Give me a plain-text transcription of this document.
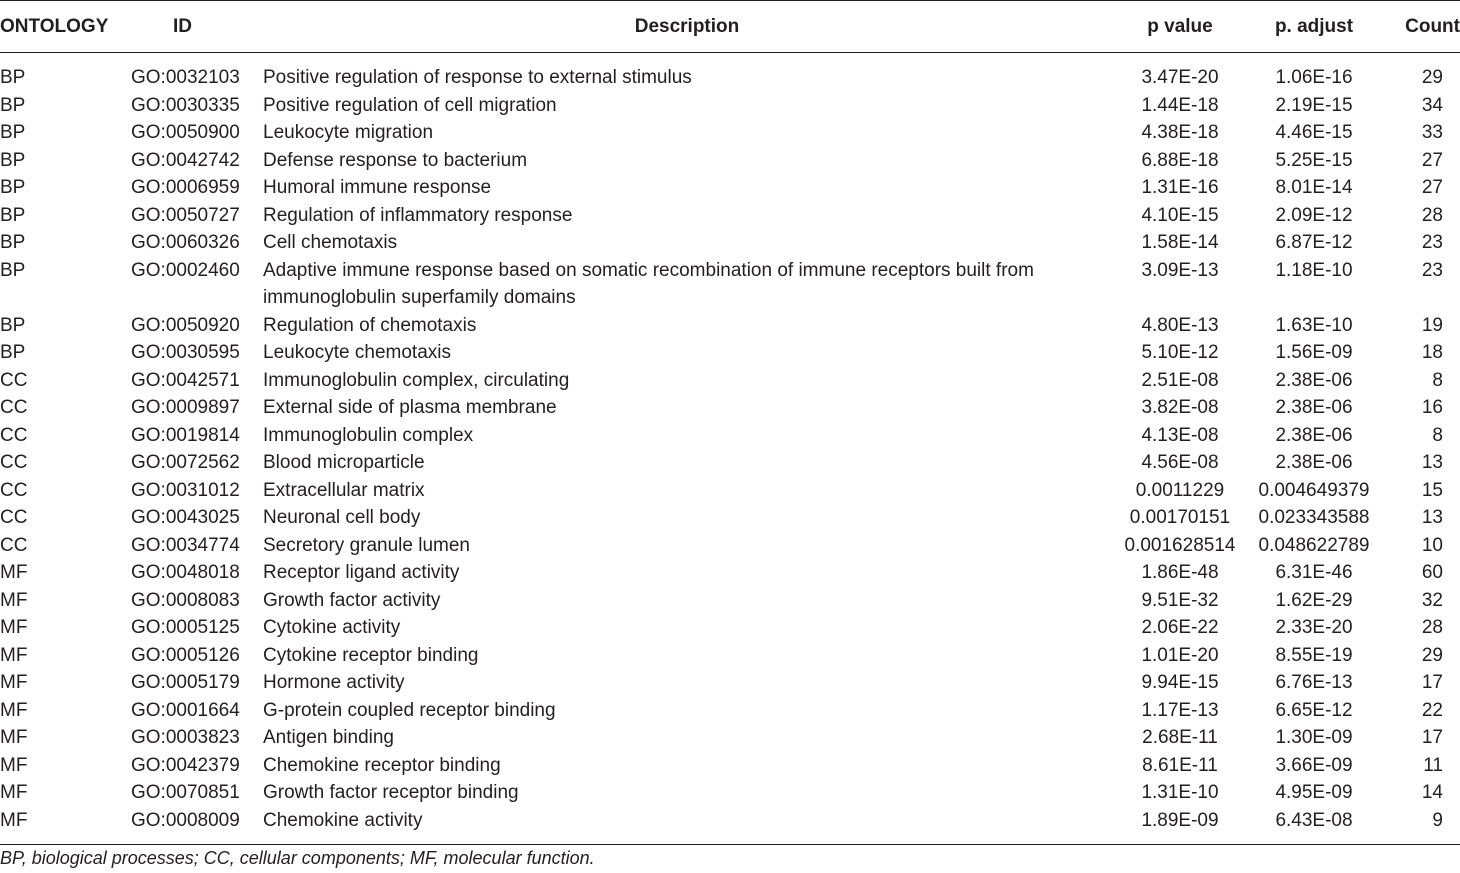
ONTOLOGY	ID	Description	p value	p. adjust	Count
BP	GO:0032103	Positive regulation of response to external stimulus	3.47E-20	1.06E-16	29
BP	GO:0030335	Positive regulation of cell migration	1.44E-18	2.19E-15	34
BP	GO:0050900	Leukocyte migration	4.38E-18	4.46E-15	33
BP	GO:0042742	Defense response to bacterium	6.88E-18	5.25E-15	27
BP	GO:0006959	Humoral immune response	1.31E-16	8.01E-14	27
BP	GO:0050727	Regulation of inflammatory response	4.10E-15	2.09E-12	28
BP	GO:0060326	Cell chemotaxis	1.58E-14	6.87E-12	23
BP	GO:0002460	Adaptive immune response based on somatic recombination of immune receptors built from
immunoglobulin superfamily domains	3.09E-13	1.18E-10	23
BP	GO:0050920	Regulation of chemotaxis	4.80E-13	1.63E-10	19
BP	GO:0030595	Leukocyte chemotaxis	5.10E-12	1.56E-09	18
CC	GO:0042571	Immunoglobulin complex, circulating	2.51E-08	2.38E-06	8
CC	GO:0009897	External side of plasma membrane	3.82E-08	2.38E-06	16
CC	GO:0019814	Immunoglobulin complex	4.13E-08	2.38E-06	8
CC	GO:0072562	Blood microparticle	4.56E-08	2.38E-06	13
CC	GO:0031012	Extracellular matrix	0.0011229	0.004649379	15
CC	GO:0043025	Neuronal cell body	0.00170151	0.023343588	13
CC	GO:0034774	Secretory granule lumen	0.001628514	0.048622789	10
MF	GO:0048018	Receptor ligand activity	1.86E-48	6.31E-46	60
MF	GO:0008083	Growth factor activity	9.51E-32	1.62E-29	32
MF	GO:0005125	Cytokine activity	2.06E-22	2.33E-20	28
MF	GO:0005126	Cytokine receptor binding	1.01E-20	8.55E-19	29
MF	GO:0005179	Hormone activity	9.94E-15	6.76E-13	17
MF	GO:0001664	G-protein coupled receptor binding	1.17E-13	6.65E-12	22
MF	GO:0003823	Antigen binding	2.68E-11	1.30E-09	17
MF	GO:0042379	Chemokine receptor binding	8.61E-11	3.66E-09	11
MF	GO:0070851	Growth factor receptor binding	1.31E-10	4.95E-09	14
MF	GO:0008009	Chemokine activity	1.89E-09	6.43E-08	9
BP, biological processes; CC, cellular components; MF, molecular function.
